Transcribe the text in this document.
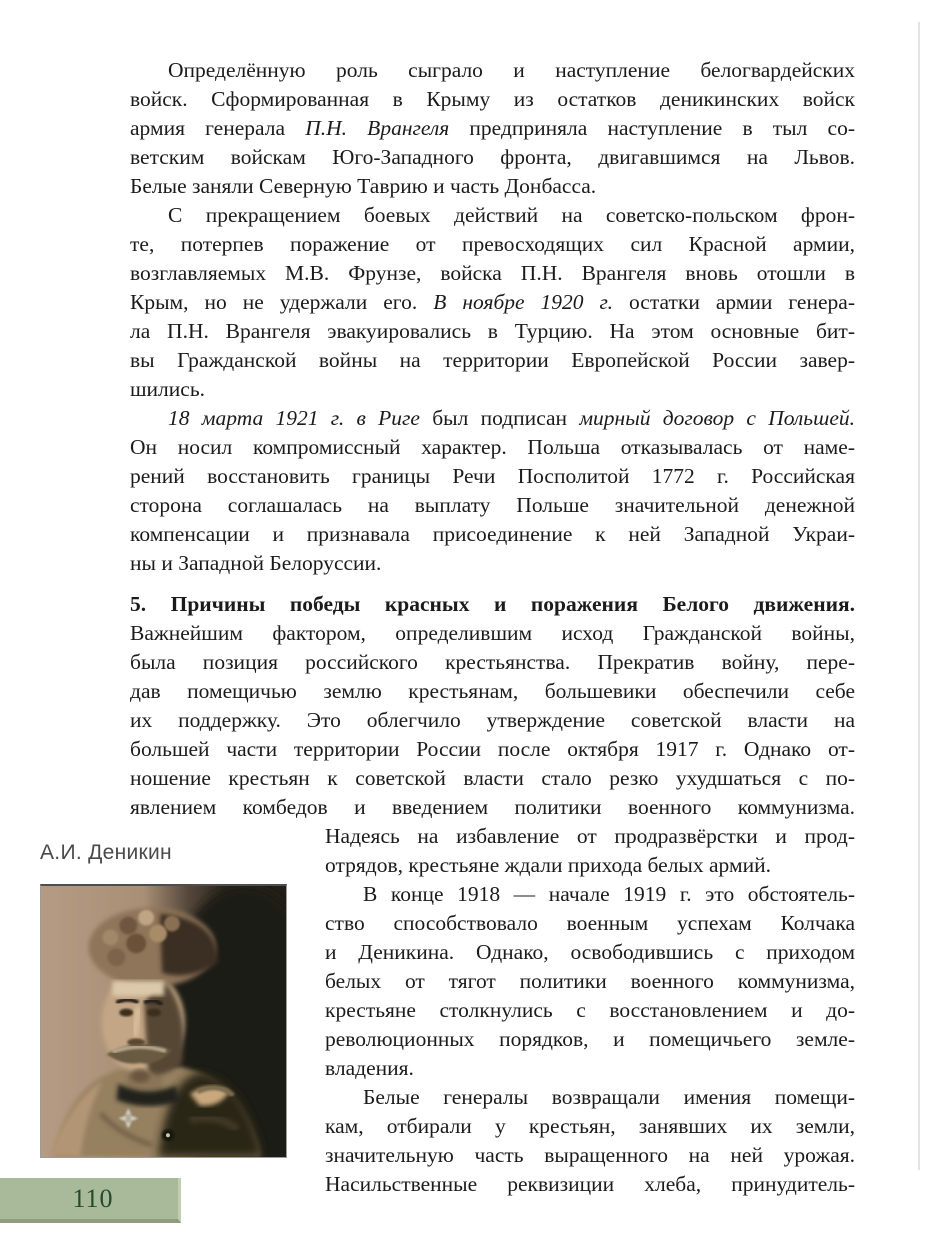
Определённую роль сыграло и наступление белогвардейских
войск. Сформированная в Крыму из остатков деникинских войск
армия генерала П.Н. Врангеля предприняла наступление в тыл со-
ветским войскам Юго-Западного фронта, двигавшимся на Львов.
Белые заняли Северную Таврию и часть Донбасса.
С прекращением боевых действий на советско-польском фрон-
те, потерпев поражение от превосходящих сил Красной армии,
возглавляемых М.В. Фрунзе, войска П.Н. Врангеля вновь отошли в
Крым, но не удержали его. В ноябре 1920 г. остатки армии генера-
ла П.Н. Врангеля эвакуировались в Турцию. На этом основные бит-
вы Гражданской войны на территории Европейской России завер-
шились.
18 марта 1921 г. в Риге был подписан мирный договор с Польшей.
Он носил компромиссный характер. Польша отказывалась от наме-
рений восстановить границы Речи Посполитой 1772 г. Российская
сторона соглашалась на выплату Польше значительной денежной
компенсации и признавала присоединение к ней Западной Украи-
ны и Западной Белоруссии.
5. Причины победы красных и поражения Белого движения.
Важнейшим фактором, определившим исход Гражданской войны,
была позиция российского крестьянства. Прекратив войну, пере-
дав помещичью землю крестьянам, большевики обеспечили себе
их поддержку. Это облегчило утверждение советской власти на
большей части территории России после октября 1917 г. Однако от-
ношение крестьян к советской власти стало резко ухудшаться с по-
явлением комбедов и введением политики военного коммунизма.
Надеясь на избавление от продразвёрстки и прод-
отрядов, крестьяне ждали прихода белых армий.
В конце 1918 — начале 1919 г. это обстоятель-
ство способствовало военным успехам Колчака
и Деникина. Однако, освободившись с приходом
белых от тягот политики военного коммунизма,
крестьяне столкнулись с восстановлением и до-
революционных порядков, и помещичьего земле-
владения.
Белые генералы возвращали имения помещи-
кам, отбирали у крестьян, занявших их земли,
значительную часть выращенного на ней урожая.
Насильственные реквизиции хлеба, принудитель-
А.И. Деникин
110
